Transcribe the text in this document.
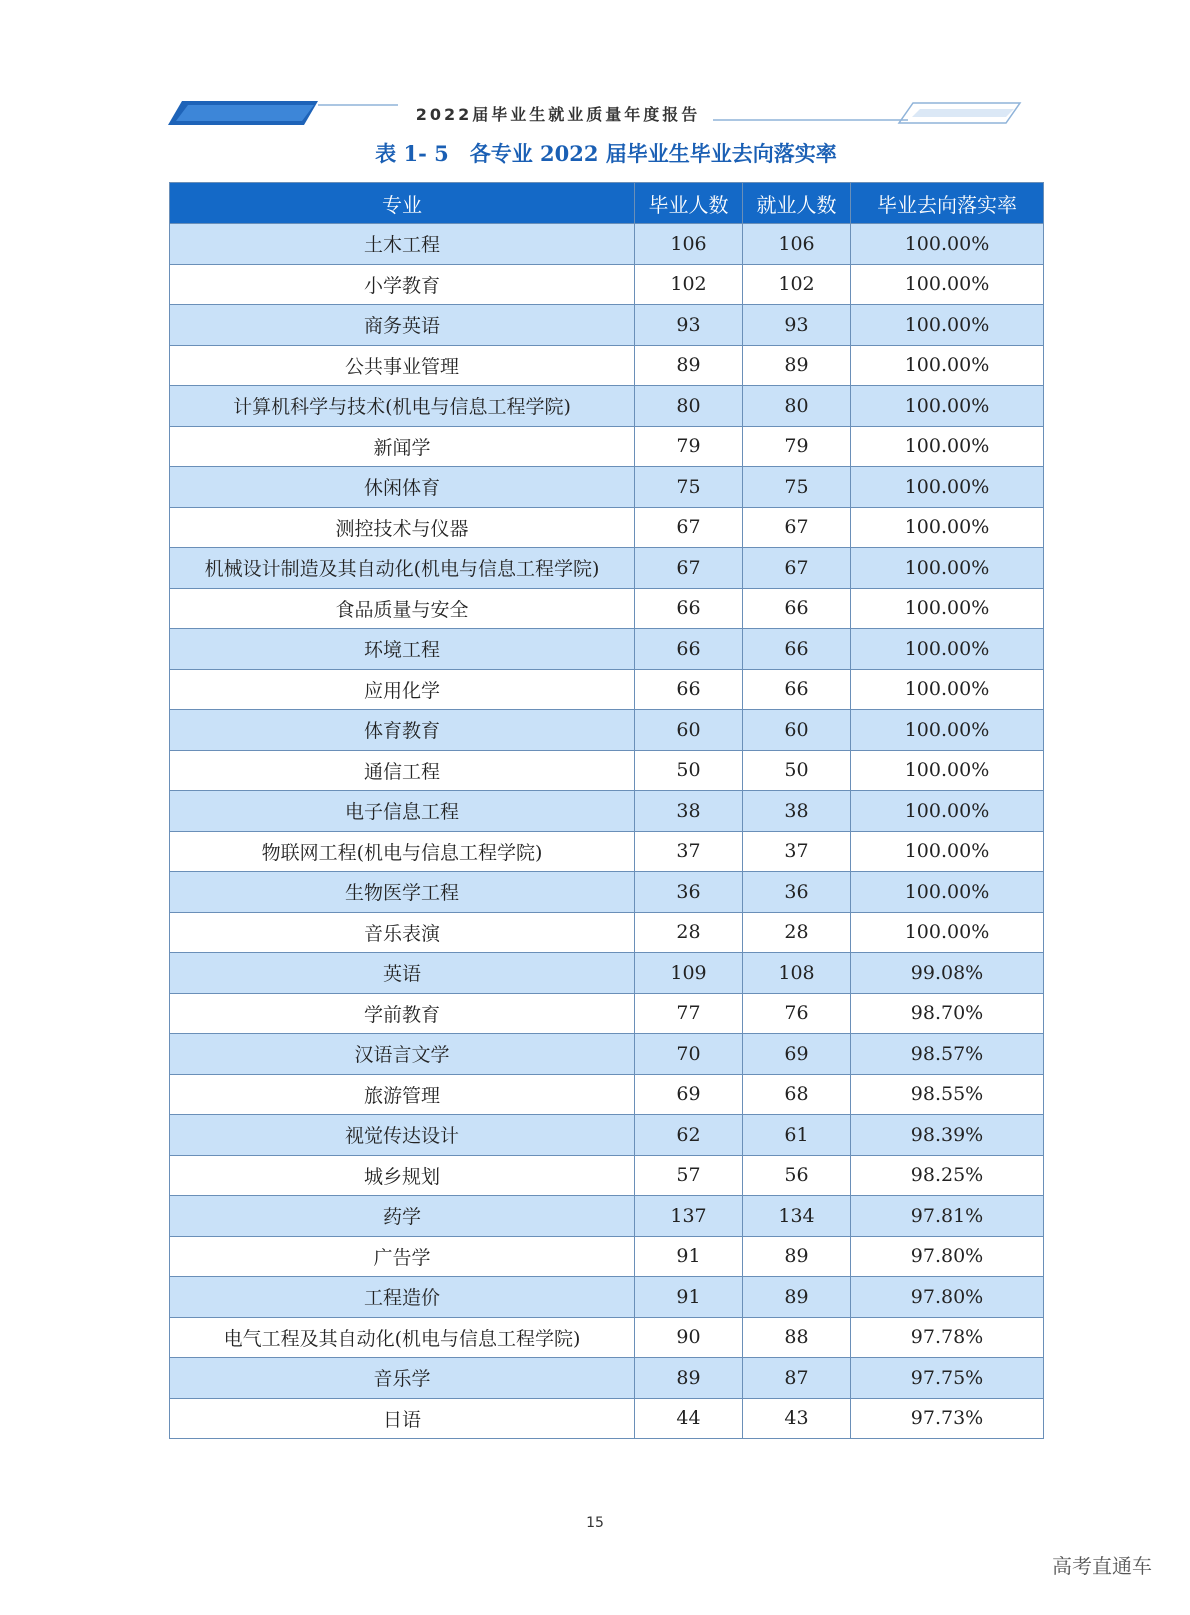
2022届毕业生就业质量年度报告
表 1- 5　各专业 2022 届毕业生毕业去向落实率
专业	毕业人数	就业人数	毕业去向落实率
土木工程	106	106	100.00%
小学教育	102	102	100.00%
商务英语	93	93	100.00%
公共事业管理	89	89	100.00%
计算机科学与技术(机电与信息工程学院)	80	80	100.00%
新闻学	79	79	100.00%
休闲体育	75	75	100.00%
测控技术与仪器	67	67	100.00%
机械设计制造及其自动化(机电与信息工程学院)	67	67	100.00%
食品质量与安全	66	66	100.00%
环境工程	66	66	100.00%
应用化学	66	66	100.00%
体育教育	60	60	100.00%
通信工程	50	50	100.00%
电子信息工程	38	38	100.00%
物联网工程(机电与信息工程学院)	37	37	100.00%
生物医学工程	36	36	100.00%
音乐表演	28	28	100.00%
英语	109	108	99.08%
学前教育	77	76	98.70%
汉语言文学	70	69	98.57%
旅游管理	69	68	98.55%
视觉传达设计	62	61	98.39%
城乡规划	57	56	98.25%
药学	137	134	97.81%
广告学	91	89	97.80%
工程造价	91	89	97.80%
电气工程及其自动化(机电与信息工程学院)	90	88	97.78%
音乐学	89	87	97.75%
日语	44	43	97.73%
15
高考直通车
